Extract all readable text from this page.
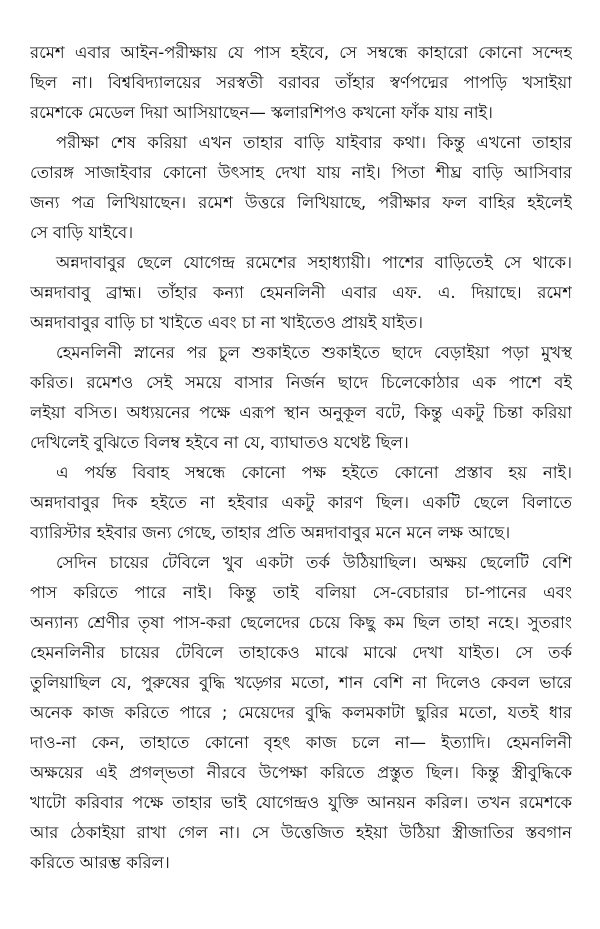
রমেশ এবার আইন-পরীক্ষায় যে পাস হইবে, সে সম্বন্ধে কাহারো কোনো সন্দেহ
ছিল না। বিশ্ববিদ্যালয়ের সরস্বতী বরাবর তাঁহার স্বর্ণপদ্মের পাপড়ি খসাইয়া
রমেশকে মেডেল দিয়া আসিয়াছেন— স্কলারশিপও কখনো ফাঁক যায় নাই।
পরীক্ষা শেষ করিয়া এখন তাহার বাড়ি যাইবার কথা। কিন্তু এখনো তাহার
তোরঙ্গ সাজাইবার কোনো উৎসাহ দেখা যায় নাই। পিতা শীঘ্র বাড়ি আসিবার
জন্য পত্র লিখিয়াছেন। রমেশ উত্তরে লিখিয়াছে, পরীক্ষার ফল বাহির হইলেই
সে বাড়ি যাইবে।
অন্নদাবাবুর ছেলে যোগেন্দ্র রমেশের সহাধ্যায়ী। পাশের বাড়িতেই সে থাকে।
অন্নদাবাবু ব্রাহ্ম। তাঁহার কন্যা হেমনলিনী এবার এফ. এ. দিয়াছে। রমেশ
অন্নদাবাবুর বাড়ি চা খাইতে এবং চা না খাইতেও প্রায়ই যাইত।
হেমনলিনী স্নানের পর চুল শুকাইতে শুকাইতে ছাদে বেড়াইয়া পড়া মুখস্থ
করিত। রমেশও সেই সময়ে বাসার নির্জন ছাদে চিলেকোঠার এক পাশে বই
লইয়া বসিত। অধ্যয়নের পক্ষে এরূপ স্থান অনুকূল বটে, কিন্তু একটু চিন্তা করিয়া
দেখিলেই বুঝিতে বিলম্ব হইবে না যে, ব্যাঘাতও যথেষ্ট ছিল।
এ পর্যন্ত বিবাহ সম্বন্ধে কোনো পক্ষ হইতে কোনো প্রস্তাব হয় নাই।
অন্নদাবাবুর দিক হইতে না হইবার একটু কারণ ছিল। একটি ছেলে বিলাতে
ব্যারিস্টার হইবার জন্য গেছে, তাহার প্রতি অন্নদাবাবুর মনে মনে লক্ষ আছে।
সেদিন চায়ের টেবিলে খুব একটা তর্ক উঠিয়াছিল। অক্ষয় ছেলেটি বেশি
পাস করিতে পারে নাই। কিন্তু তাই বলিয়া সে-বেচারার চা-পানের এবং
অন্যান্য শ্রেণীর তৃষা পাস-করা ছেলেদের চেয়ে কিছু কম ছিল তাহা নহে। সুতরাং
হেমনলিনীর চায়ের টেবিলে তাহাকেও মাঝে মাঝে দেখা যাইত। সে তর্ক
তুলিয়াছিল যে, পুরুষের বুদ্ধি খড়্গের মতো, শান বেশি না দিলেও কেবল ভারে
অনেক কাজ করিতে পারে ; মেয়েদের বুদ্ধি কলমকাটা ছুরির মতো, যতই ধার
দাও-না কেন, তাহাতে কোনো বৃহৎ কাজ চলে না— ইত্যাদি। হেমনলিনী
অক্ষয়ের এই প্রগল্‌ভতা নীরবে উপেক্ষা করিতে প্রস্তুত ছিল। কিন্তু স্ত্রীবুদ্ধিকে
খাটো করিবার পক্ষে তাহার ভাই যোগেন্দ্রও যুক্তি আনয়ন করিল। তখন রমেশকে
আর ঠেকাইয়া রাখা গেল না। সে উত্তেজিত হইয়া উঠিয়া স্ত্রীজাতির স্তবগান
করিতে আরম্ভ করিল।
